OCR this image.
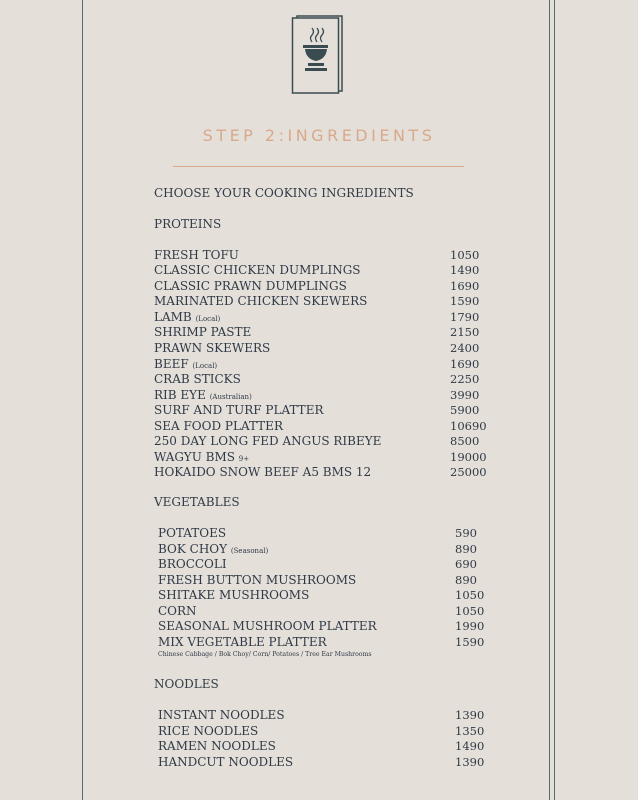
STEP 2:INGREDIENTS
CHOOSE YOUR COOKING INGREDIENTS
PROTEINS
FRESH TOFU	1050
CLASSIC CHICKEN DUMPLINGS	1490
CLASSIC PRAWN DUMPLINGS	1690
MARINATED CHICKEN SKEWERS	1590
LAMB (Local)	1790
SHRIMP PASTE	2150
PRAWN SKEWERS	2400
BEEF (Local)	1690
CRAB STICKS	2250
RIB EYE (Australian)	3990
SURF AND TURF PLATTER	5900
SEA FOOD PLATTER	10690
250 DAY LONG FED ANGUS RIBEYE	8500
WAGYU BMS 9+	19000
HOKAIDO SNOW BEEF A5 BMS 12	25000
VEGETABLES
POTATOES	590
BOK CHOY (Seasonal)	890
BROCCOLI	690
FRESH BUTTON MUSHROOMS	890
SHITAKE MUSHROOMS	1050
CORN	1050
SEASONAL MUSHROOM PLATTER	1990
MIX VEGETABLE PLATTER	1590
Chinese Cabbage / Bok Choy/ Corn/ Potatoes / Tree Ear Mushrooms
NOODLES
INSTANT NOODLES	1390
RICE NOODLES	1350
RAMEN NOODLES	1490
HANDCUT NOODLES	1390
